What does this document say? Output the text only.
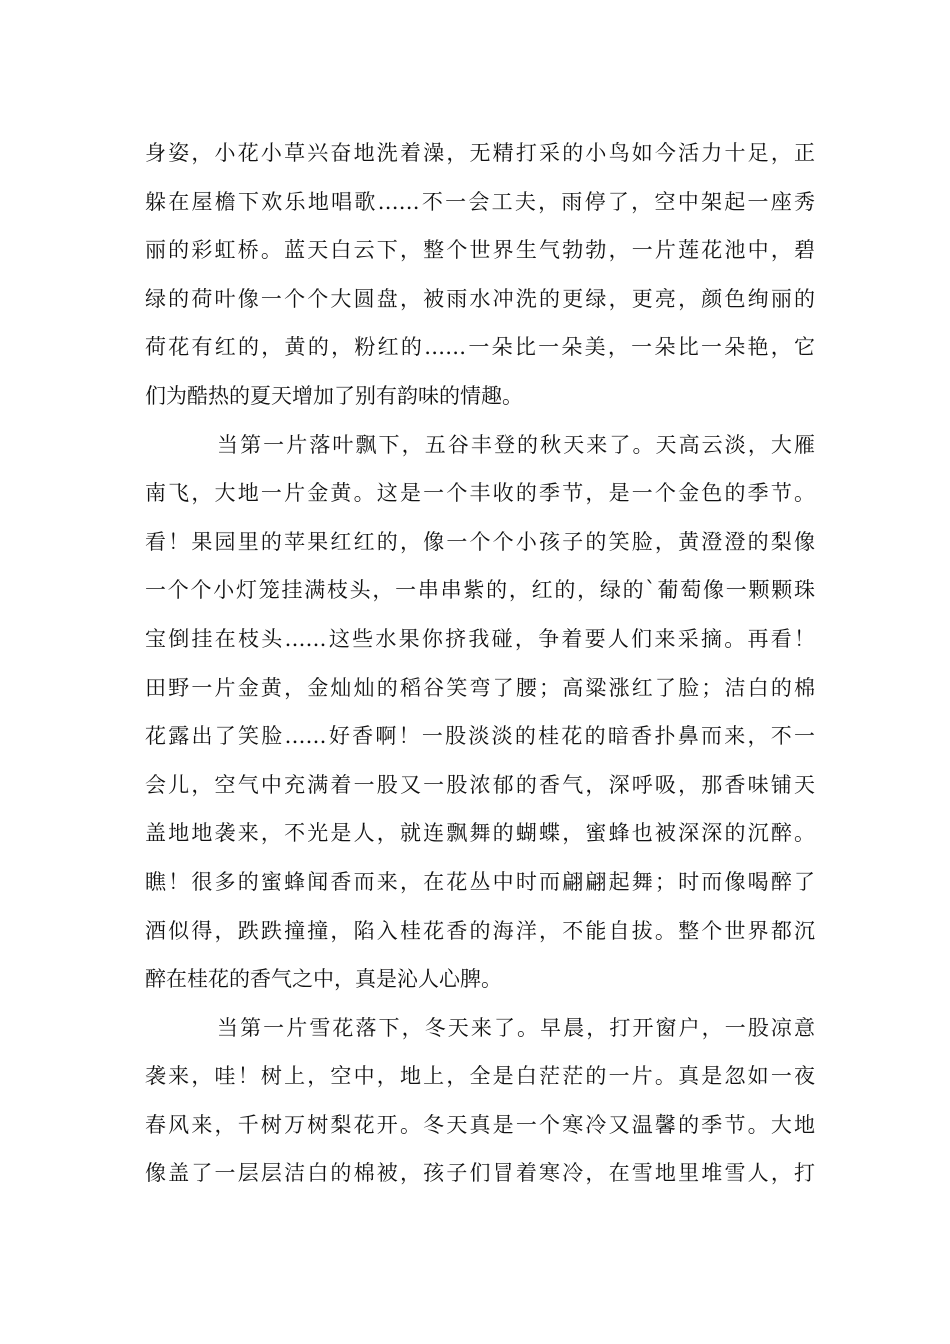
身姿，小花小草兴奋地洗着澡，无精打采的小鸟如今活力十足，正
躲在屋檐下欢乐地唱歌……不一会工夫，雨停了，空中架起一座秀
丽的彩虹桥。蓝天白云下，整个世界生气勃勃，一片莲花池中，碧
绿的荷叶像一个个大圆盘，被雨水冲洗的更绿，更亮，颜色绚丽的
荷花有红的，黄的，粉红的……一朵比一朵美，一朵比一朵艳，它
们为酷热的夏天增加了别有韵味的情趣。
当第一片落叶飘下，五谷丰登的秋天来了。天高云淡，大雁
南飞，大地一片金黄。这是一个丰收的季节，是一个金色的季节。
看！果园里的苹果红红的，像一个个小孩子的笑脸，黄澄澄的梨像
一个个小灯笼挂满枝头，一串串紫的，红的，绿的`葡萄像一颗颗珠
宝倒挂在枝头……这些水果你挤我碰，争着要人们来采摘。再看！
田野一片金黄，金灿灿的稻谷笑弯了腰；高粱涨红了脸；洁白的棉
花露出了笑脸……好香啊！一股淡淡的桂花的暗香扑鼻而来，不一
会儿，空气中充满着一股又一股浓郁的香气，深呼吸，那香味铺天
盖地地袭来，不光是人，就连飘舞的蝴蝶，蜜蜂也被深深的沉醉。
瞧！很多的蜜蜂闻香而来，在花丛中时而翩翩起舞；时而像喝醉了
酒似得，跌跌撞撞，陷入桂花香的海洋，不能自拔。整个世界都沉
醉在桂花的香气之中，真是沁人心脾。
当第一片雪花落下，冬天来了。早晨，打开窗户，一股凉意
袭来，哇！树上，空中，地上，全是白茫茫的一片。真是忽如一夜
春风来，千树万树梨花开。冬天真是一个寒冷又温馨的季节。大地
像盖了一层层洁白的棉被，孩子们冒着寒冷，在雪地里堆雪人，打
